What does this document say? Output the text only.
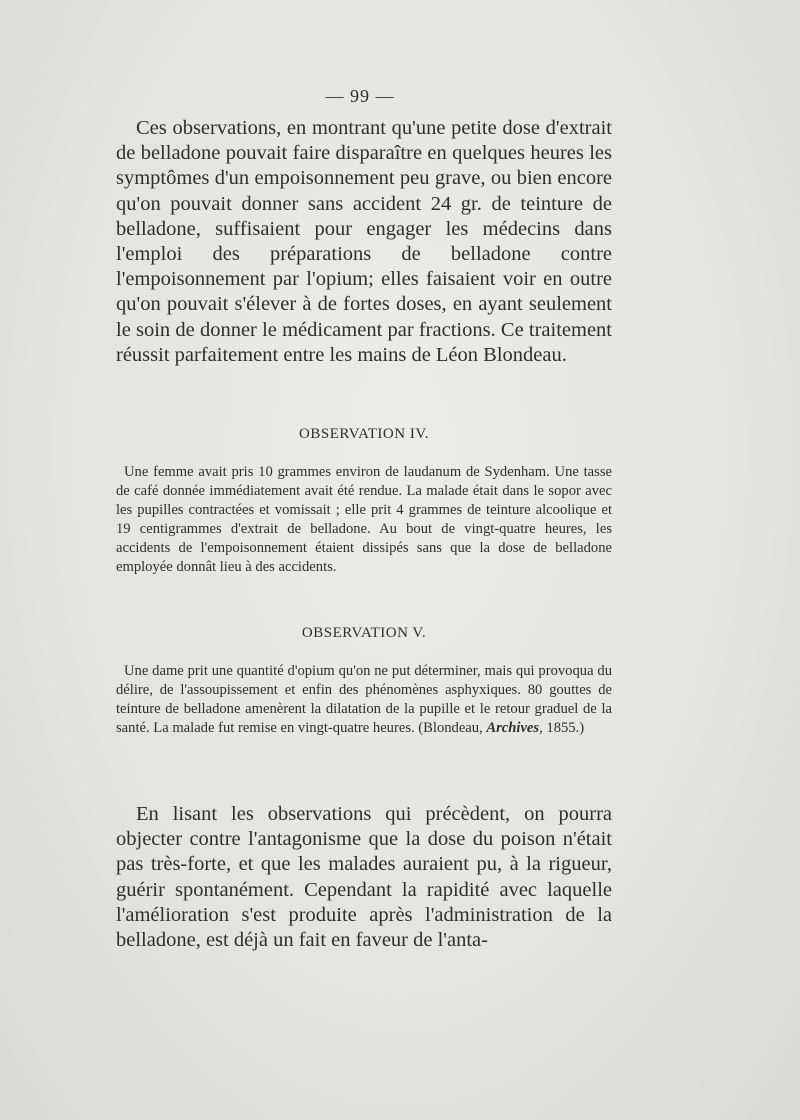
— 99 —

Ces observations, en montrant qu'une petite dose d'extrait de belladone pouvait faire disparaître en quelques heures les symptômes d'un empoisonnement peu grave, ou bien encore qu'on pouvait donner sans accident 24 gr. de teinture de belladone, suffisaient pour engager les médecins dans l'emploi des préparations de belladone contre l'empoisonnement par l'opium; elles faisaient voir en outre qu'on pouvait s'élever à de fortes doses, en ayant seulement le soin de donner le médicament par fractions. Ce traitement réussit parfaitement entre les mains de Léon Blondeau.

OBSERVATION IV.

Une femme avait pris 10 grammes environ de laudanum de Sydenham. Une tasse de café donnée immédiatement avait été rendue. La malade était dans le sopor avec les pupilles contractées et vomissait ; elle prit 4 grammes de teinture alcoolique et 19 centigrammes d'extrait de belladone. Au bout de vingt-quatre heures, les accidents de l'empoisonnement étaient dissipés sans que la dose de belladone employée donnât lieu à des accidents.

OBSERVATION V.

Une dame prit une quantité d'opium qu'on ne put déterminer, mais qui provoqua du délire, de l'assoupissement et enfin des phénomènes asphyxiques. 80 gouttes de teinture de belladone amenèrent la dilatation de la pupille et le retour graduel de la santé. La malade fut remise en vingt-quatre heures. (Blondeau, Archives, 1855.)

En lisant les observations qui précèdent, on pourra objecter contre l'antagonisme que la dose du poison n'était pas très-forte, et que les malades auraient pu, à la rigueur, guérir spontanément. Cependant la rapidité avec laquelle l'amélioration s'est produite après l'administration de la belladone, est déjà un fait en faveur de l'anta-
